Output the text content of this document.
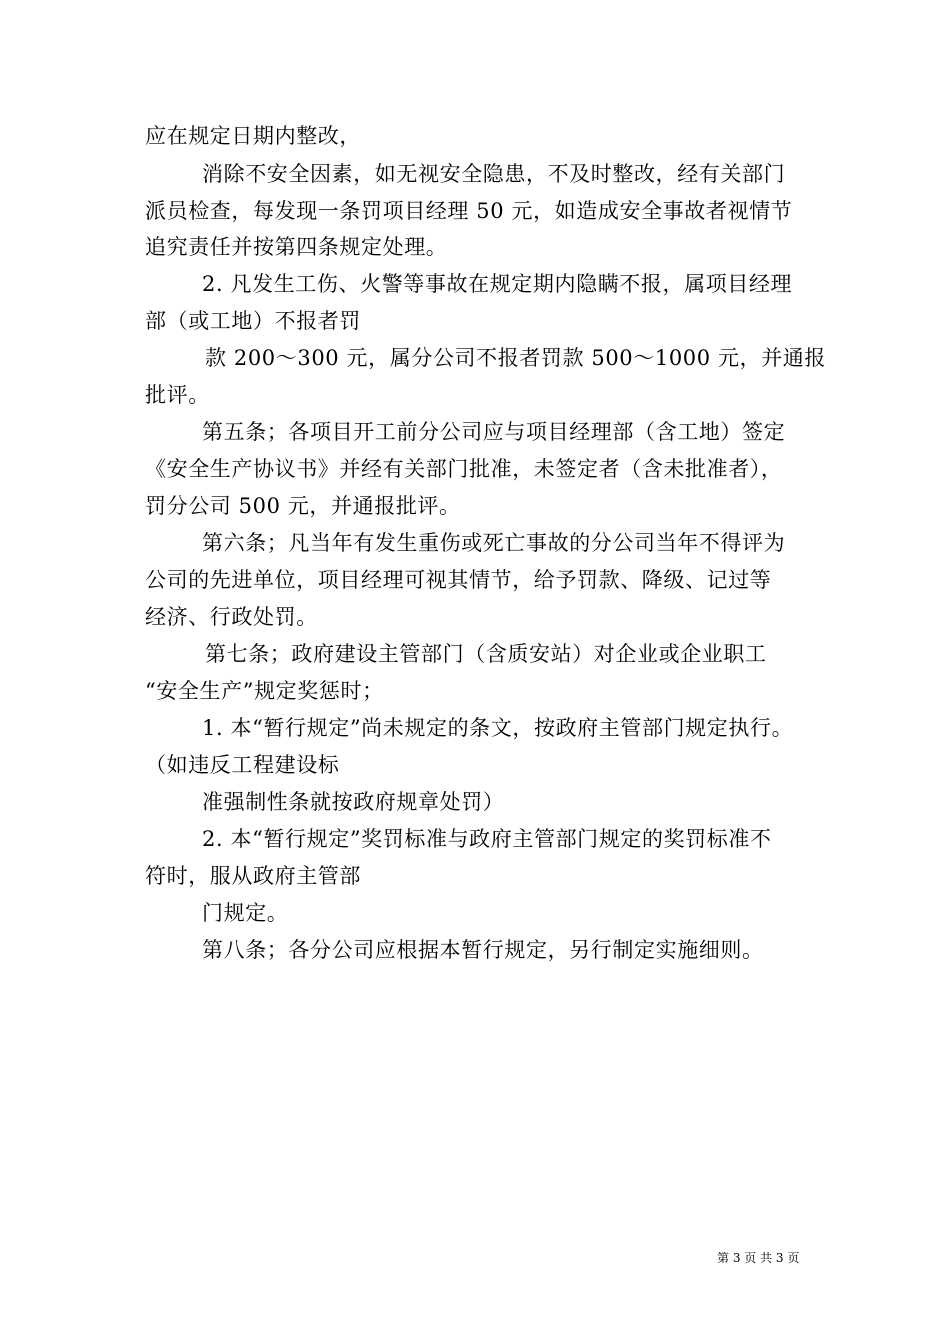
应在规定日期内整改，
消除不安全因素，如无视安全隐患，不及时整改，经有关部门
派员检查，每发现一条罚项目经理 50 元，如造成安全事故者视情节
追究责任并按第四条规定处理。
2. 凡发生工伤、火警等事故在规定期内隐瞒不报，属项目经理
部（或工地）不报者罚
款 200～300 元，属分公司不报者罚款 500～1000 元，并通报
批评。
第五条；各项目开工前分公司应与项目经理部（含工地）签定
《安全生产协议书》并经有关部门批准，未签定者（含未批准者），
罚分公司 500 元，并通报批评。
第六条；凡当年有发生重伤或死亡事故的分公司当年不得评为
公司的先进单位，项目经理可视其情节，给予罚款、降级、记过等
经济、行政处罚。
第七条；政府建设主管部门（含质安站）对企业或企业职工
“安全生产”规定奖惩时；
1. 本“暂行规定”尚未规定的条文，按政府主管部门规定执行。
（如违反工程建设标
准强制性条就按政府规章处罚）
2. 本“暂行规定”奖罚标准与政府主管部门规定的奖罚标准不
符时，服从政府主管部
门规定。
第八条；各分公司应根据本暂行规定，另行制定实施细则。
第 3 页 共 3 页
